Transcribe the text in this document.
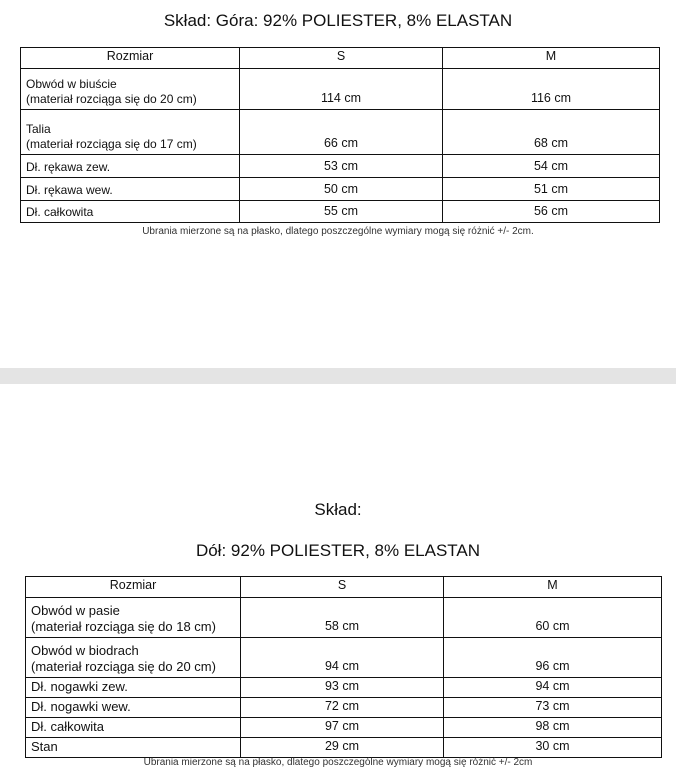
Skład: Góra: 92% POLIESTER, 8% ELASTAN
Rozmiar	S	M

Obwód w biuście
(materiał rozciąga się do 20 cm)	114 cm	116 cm

Talia
(materiał rozciąga się do 17 cm)	66 cm	68 cm

Dł. rękawa zew.	53 cm	54 cm

Dł. rękawa wew.	50 cm	51 cm

Dł. całkowita	55 cm	56 cm
Ubrania mierzone są na płasko, dlatego poszczególne wymiary mogą się różnić +/- 2cm.
Skład:
Dół: 92% POLIESTER, 8% ELASTAN
Rozmiar	S	M

Obwód w pasie
(materiał rozciąga się do 18 cm)	58 cm	60 cm

Obwód w biodrach
(materiał rozciąga się do 20 cm)	94 cm	96 cm

Dł. nogawki zew.	93 cm	94 cm

Dł. nogawki wew.	72 cm	73 cm

Dł. całkowita	97 cm	98 cm

Stan	29 cm	30 cm
Ubrania mierzone są na płasko, dlatego poszczególne wymiary mogą się różnić +/- 2cm
